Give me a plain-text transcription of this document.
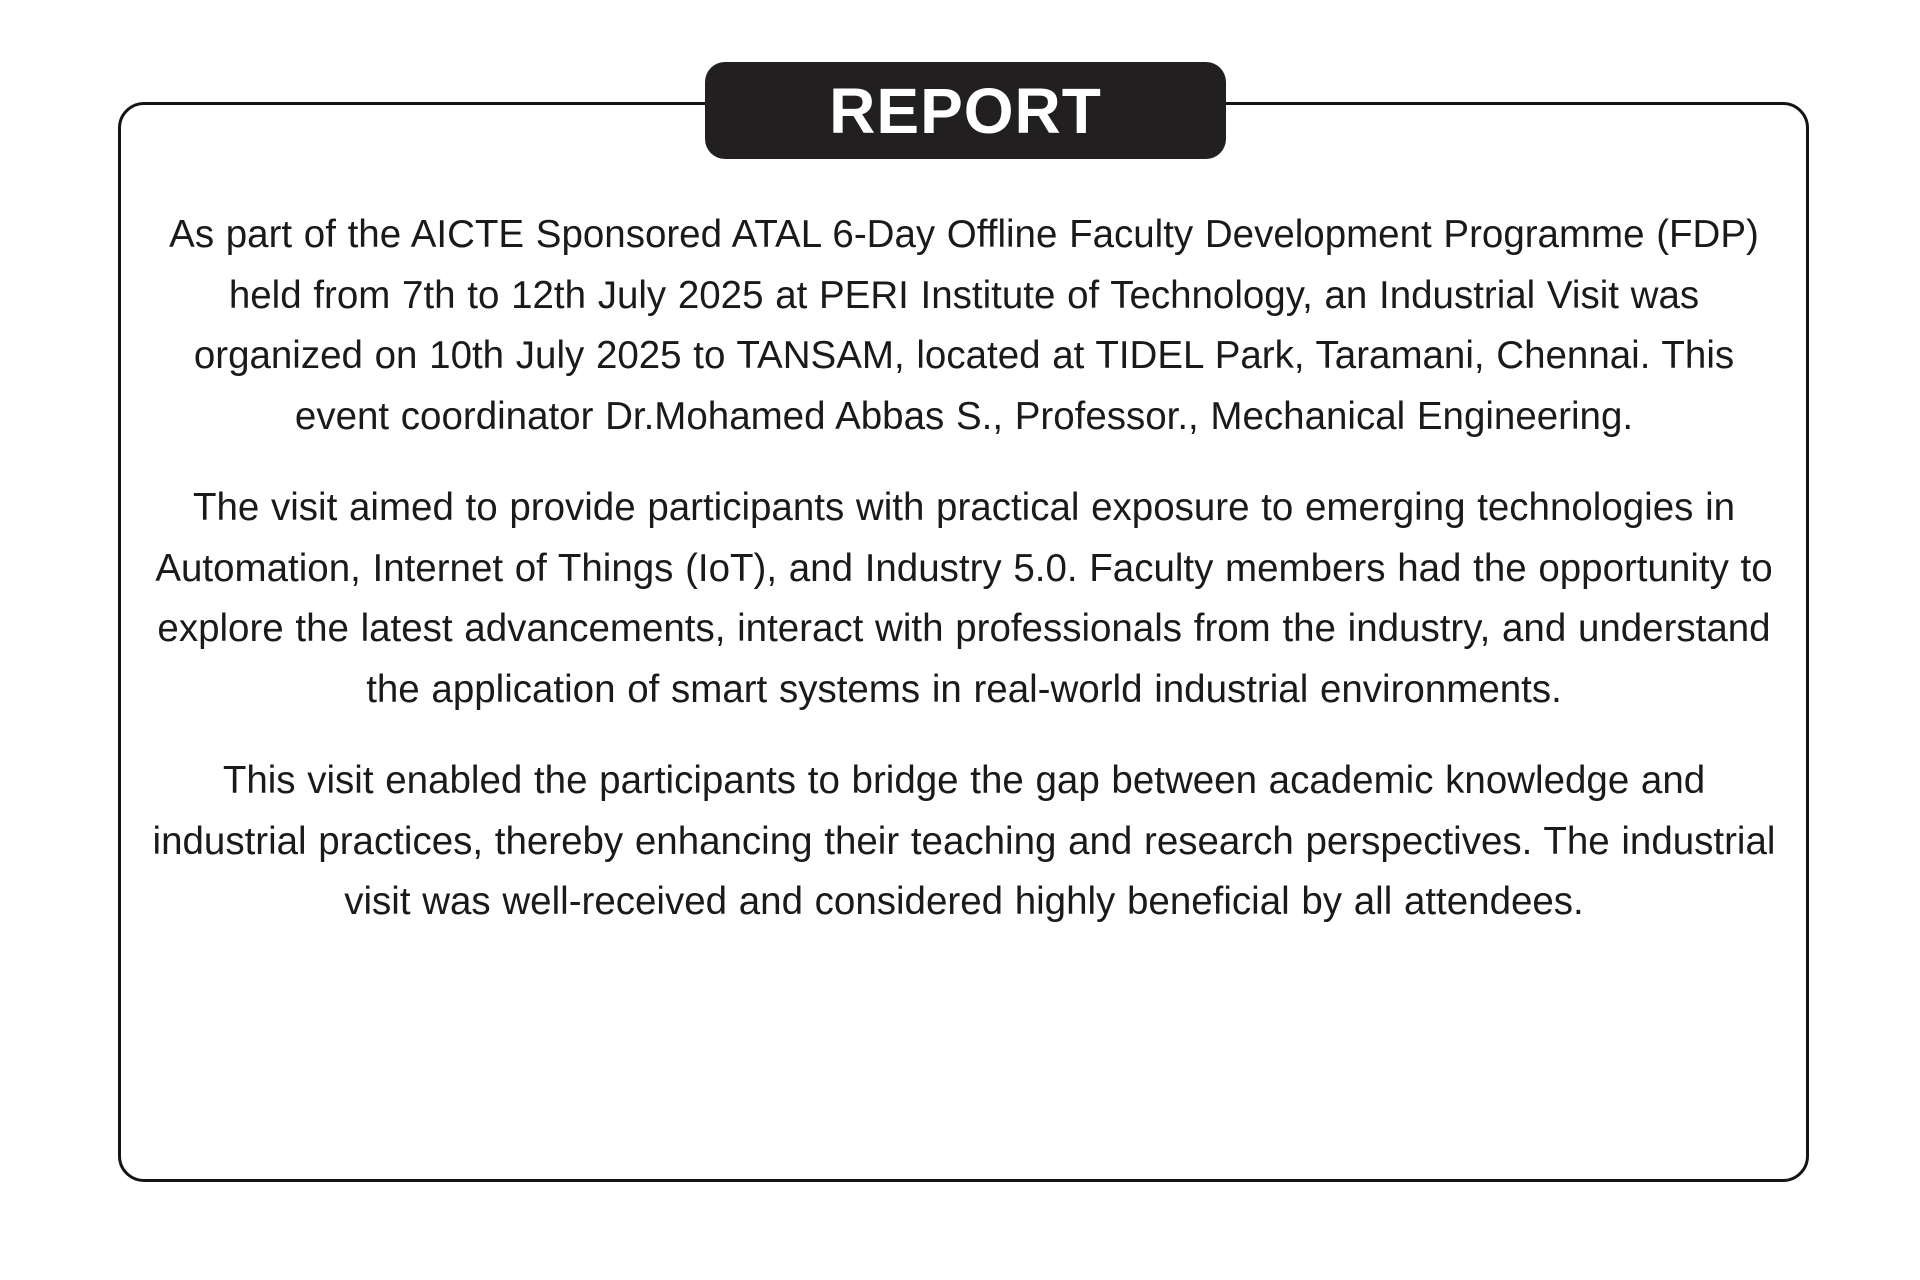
REPORT

As part of the AICTE Sponsored ATAL 6-Day Offline Faculty Development Programme (FDP) held from 7th to 12th July 2025 at PERI Institute of Technology, an Industrial Visit was organized on 10th July 2025 to TANSAM, located at TIDEL Park, Taramani, Chennai. This event coordinator Dr.Mohamed Abbas S., Professor., Mechanical Engineering.

The visit aimed to provide participants with practical exposure to emerging technologies in Automation, Internet of Things (IoT), and Industry 5.0. Faculty members had the opportunity to explore the latest advancements, interact with professionals from the industry, and understand the application of smart systems in real-world industrial environments.

This visit enabled the participants to bridge the gap between academic knowledge and industrial practices, thereby enhancing their teaching and research perspectives. The industrial visit was well-received and considered highly beneficial by all attendees.
